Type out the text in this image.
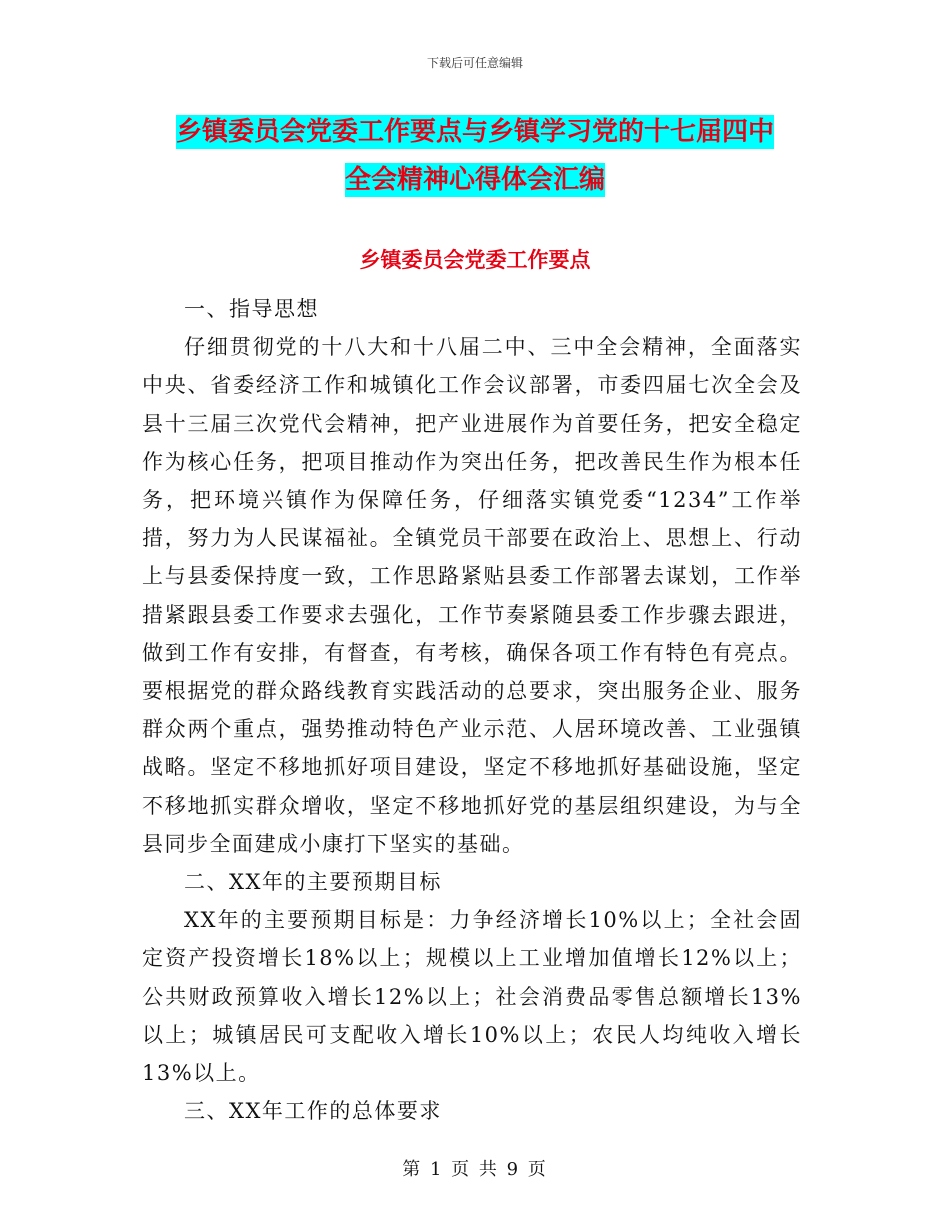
下载后可任意编辑
乡镇委员会党委工作要点与乡镇学习党的十七届四中
全会精神心得体会汇编
乡镇委员会党委工作要点

一、指导思想

仔细贯彻党的十八大和十八届二中、三中全会精神，全面落实中央、省委经济工作和城镇化工作会议部署，市委四届七次全会及县十三届三次党代会精神，把产业进展作为首要任务，把安全稳定作为核心任务，把项目推动作为突出任务，把改善民生作为根本任务，把环境兴镇作为保障任务，仔细落实镇党委“1234”工作举措，努力为人民谋福祉。全镇党员干部要在政治上、思想上、行动上与县委保持度一致，工作思路紧贴县委工作部署去谋划，工作举措紧跟县委工作要求去强化，工作节奏紧随县委工作步骤去跟进，做到工作有安排，有督查，有考核，确保各项工作有特色有亮点。要根据党的群众路线教育实践活动的总要求，突出服务企业、服务群众两个重点，强势推动特色产业示范、人居环境改善、工业强镇战略。坚定不移地抓好项目建设，坚定不移地抓好基础设施，坚定不移地抓实群众增收，坚定不移地抓好党的基层组织建设，为与全县同步全面建成小康打下坚实的基础。

二、XX年的主要预期目标

XX年的主要预期目标是：力争经济增长10%以上；全社会固定资产投资增长18%以上；规模以上工业增加值增长12%以上；公共财政预算收入增长12%以上；社会消费品零售总额增长13%以上；城镇居民可支配收入增长10%以上；农民人均纯收入增长13%以上。

三、XX年工作的总体要求

第 1 页 共 9 页
